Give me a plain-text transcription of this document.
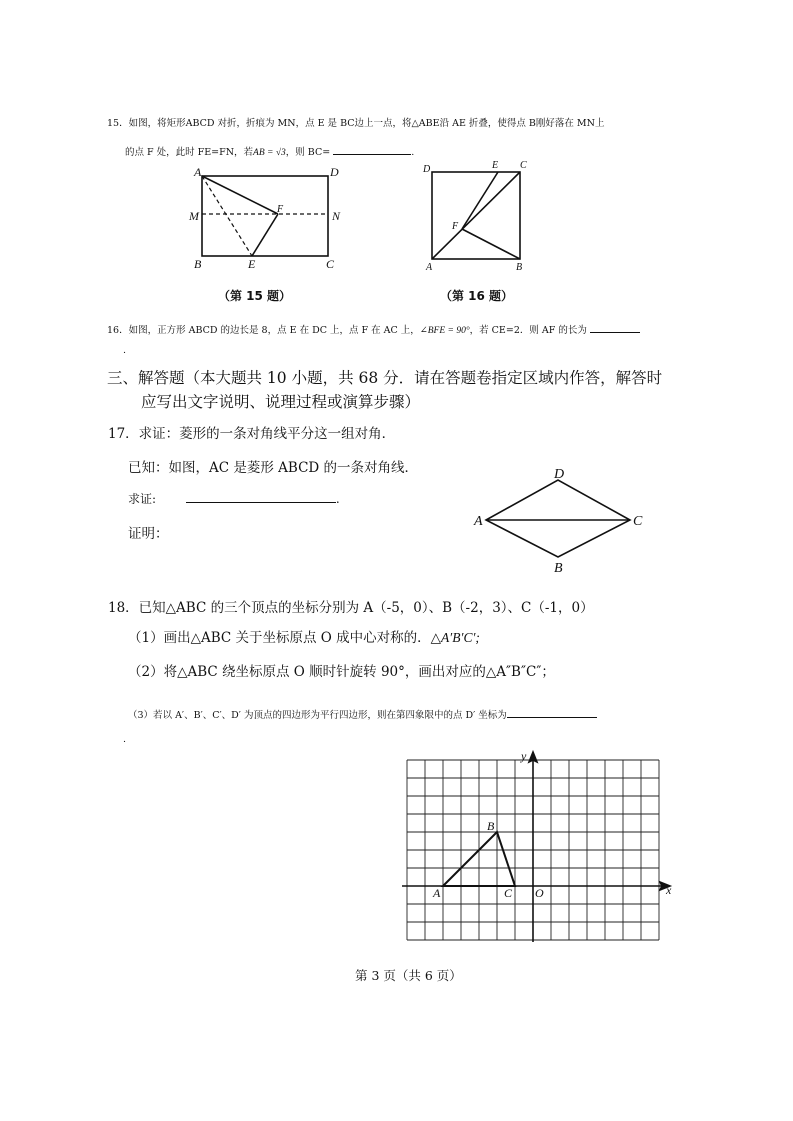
15．如图，将矩形ABCD 对折，折痕为 MN，点 E 是 BC边上一点，将△ABE沿 AE 折叠，使得点 B刚好落在 MN上
的点 F 处，此时 FE=FN，若AB = √3，则 BC=	.
A	D
M	N
F
B	E	C
（第 15 题）
D	E C
F
A	B
（第 16 题）
16．如图，正方形 ABCD 的边长是 8，点 E 在 DC 上，点 F 在 AC 上，∠BFE = 90°，若 CE=2．则 AF 的长为
.
三、解答题（本大题共 10 小题，共 68 分．请在答题卷指定区域内作答，解答时
应写出文字说明、说理过程或演算步骤）
17．求证：菱形的一条对角线平分这一组对角．
已知：如图，AC 是菱形 ABCD 的一条对角线．
求证:	.
证明：
D
A	C
B
18．已知△ABC 的三个顶点的坐标分别为 A（-5，0）、B（-2，3）、C（-1，0）
（1）画出△ABC 关于坐标原点 O 成中心对称的．△A′B′C′;
（2）将△ABC 绕坐标原点 O 顺时针旋转 90°，画出对应的△A″B″C″；
（3）若以 A′、B′、C′、D′ 为顶点的四边形为平行四边形，则在第四象限中的点 D′ 坐标为
.
x
y
O
A
B
C
第 3 页（共 6 页）
